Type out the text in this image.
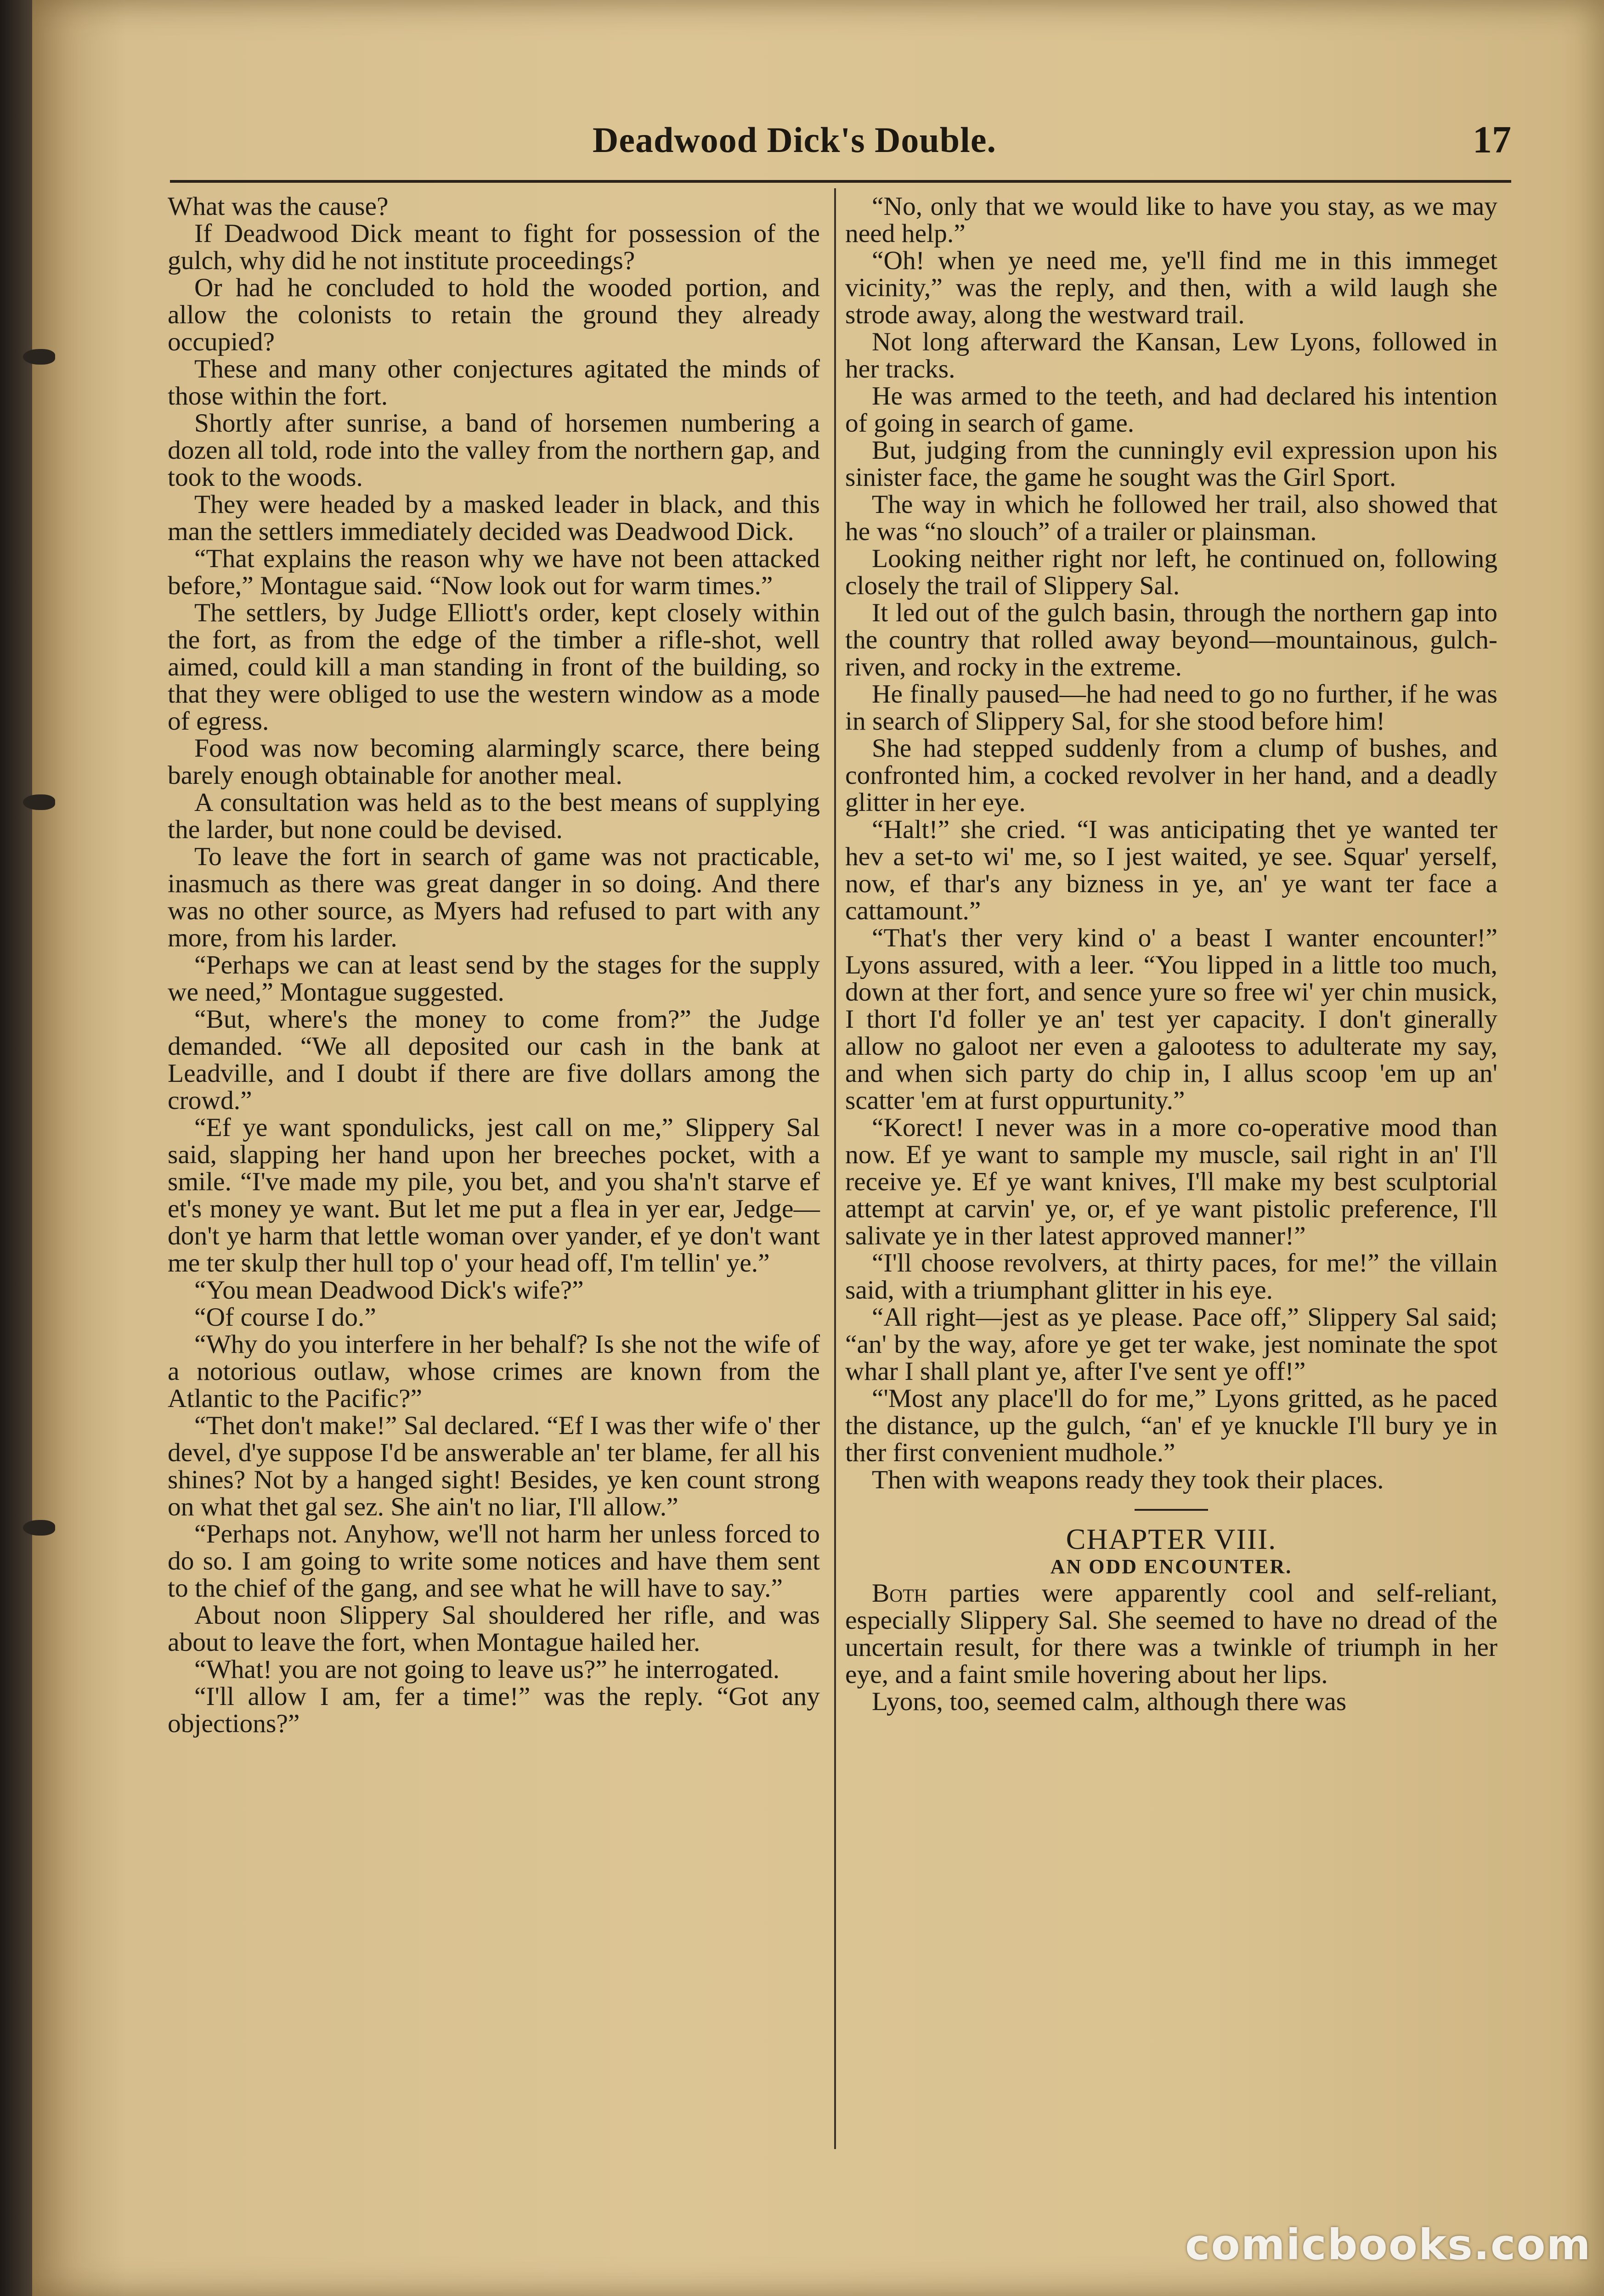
Deadwood Dick's Double.	17

What was the cause?

If Deadwood Dick meant to fight for possession of the gulch, why did he not institute proceedings?

Or had he concluded to hold the wooded portion, and allow the colonists to retain the ground they already occupied?

These and many other conjectures agitated the minds of those within the fort.

Shortly after sunrise, a band of horsemen numbering a dozen all told, rode into the valley from the northern gap, and took to the woods.

They were headed by a masked leader in black, and this man the settlers immediately decided was Deadwood Dick.

“That explains the reason why we have not been attacked before,” Montague said. “Now look out for warm times.”

The settlers, by Judge Elliott's order, kept closely within the fort, as from the edge of the timber a rifle-shot, well aimed, could kill a man standing in front of the building, so that they were obliged to use the western window as a mode of egress.

Food was now becoming alarmingly scarce, there being barely enough obtainable for another meal.

A consultation was held as to the best means of supplying the larder, but none could be devised.

To leave the fort in search of game was not practicable, inasmuch as there was great danger in so doing. And there was no other source, as Myers had refused to part with any more, from his larder.

“Perhaps we can at least send by the stages for the supply we need,” Montague suggested.

“But, where's the money to come from?” the Judge demanded. “We all deposited our cash in the bank at Leadville, and I doubt if there are five dollars among the crowd.”

“Ef ye want spondulicks, jest call on me,” Slippery Sal said, slapping her hand upon her breeches pocket, with a smile. “I've made my pile, you bet, and you sha'n't starve ef et's money ye want. But let me put a flea in yer ear, Jedge—don't ye harm that lettle woman over yander, ef ye don't want me ter skulp ther hull top o' your head off, I'm tellin' ye.”

“You mean Deadwood Dick's wife?”

“Of course I do.”

“Why do you interfere in her behalf? Is she not the wife of a notorious outlaw, whose crimes are known from the Atlantic to the Pacific?”

“Thet don't make!” Sal declared. “Ef I was ther wife o' ther devel, d'ye suppose I'd be answerable an' ter blame, fer all his shines? Not by a hanged sight! Besides, ye ken count strong on what thet gal sez. She ain't no liar, I'll allow.”

“Perhaps not. Anyhow, we'll not harm her unless forced to do so. I am going to write some notices and have them sent to the chief of the gang, and see what he will have to say.”

About noon Slippery Sal shouldered her rifle, and was about to leave the fort, when Montague hailed her.

“What! you are not going to leave us?” he interrogated.

“I'll allow I am, fer a time!” was the reply. “Got any objections?”

“No, only that we would like to have you stay, as we may need help.”

“Oh! when ye need me, ye'll find me in this immeget vicinity,” was the reply, and then, with a wild laugh she strode away, along the westward trail.

Not long afterward the Kansan, Lew Lyons, followed in her tracks.

He was armed to the teeth, and had declared his intention of going in search of game.

But, judging from the cunningly evil expression upon his sinister face, the game he sought was the Girl Sport.

The way in which he followed her trail, also showed that he was “no slouch” of a trailer or plainsman.

Looking neither right nor left, he continued on, following closely the trail of Slippery Sal.

It led out of the gulch basin, through the northern gap into the country that rolled away beyond—mountainous, gulch-riven, and rocky in the extreme.

He finally paused—he had need to go no further, if he was in search of Slippery Sal, for she stood before him!

She had stepped suddenly from a clump of bushes, and confronted him, a cocked revolver in her hand, and a deadly glitter in her eye.

“Halt!” she cried. “I was anticipating thet ye wanted ter hev a set-to wi' me, so I jest waited, ye see. Squar' yerself, now, ef thar's any bizness in ye, an' ye want ter face a cattamount.”

“That's ther very kind o' a beast I wanter encounter!” Lyons assured, with a leer. “You lipped in a little too much, down at ther fort, and sence yure so free wi' yer chin musick, I thort I'd foller ye an' test yer capacity. I don't ginerally allow no galoot ner even a galootess to adulterate my say, and when sich party do chip in, I allus scoop 'em up an' scatter 'em at furst oppurtunity.”

“Korect! I never was in a more co-operative mood than now. Ef ye want to sample my muscle, sail right in an' I'll receive ye. Ef ye want knives, I'll make my best sculptorial attempt at carvin' ye, or, ef ye want pistolic preference, I'll salivate ye in ther latest approved manner!”

“I'll choose revolvers, at thirty paces, for me!” the villain said, with a triumphant glitter in his eye.

“All right—jest as ye please. Pace off,” Slippery Sal said; “an' by the way, afore ye get ter wake, jest nominate the spot whar I shall plant ye, after I've sent ye off!”

“'Most any place'll do for me,” Lyons gritted, as he paced the distance, up the gulch, “an' ef ye knuckle I'll bury ye in ther first convenient mudhole.”

Then with weapons ready they took their places.

CHAPTER VIII.

AN ODD ENCOUNTER.

Both parties were apparently cool and self-reliant, especially Slippery Sal. She seemed to have no dread of the uncertain result, for there was a twinkle of triumph in her eye, and a faint smile hovering about her lips.

Lyons, too, seemed calm, although there was

comicbooks.com
